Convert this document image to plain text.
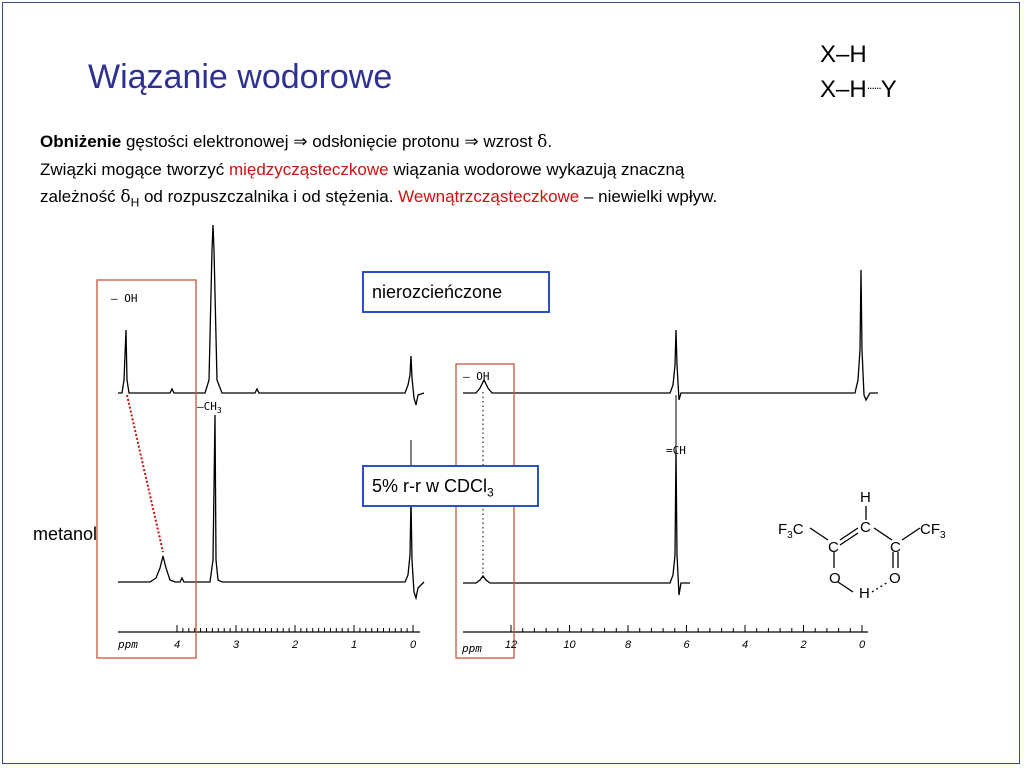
Wiązanie wodorowe
X–H
X–H......Y
Obniżenie gęstości elektronowej ⇒ odsłonięcie protonu ⇒ wzrost δ.
Związki mogące tworzyć międzycząsteczkowe wiązania wodorowe wykazują znaczną
zależność $\delta_H$ od rozpuszczalnika i od stężenia. Wewnątrzcząsteczkowe – niewielki wpływ.
– OH
$-CH_3$
– OH
=CH
ppm	ppm
4	3	2	1	0	12	10	8	6	4	2	0
$F_3C$
C
C
H
C
$CF_3$
O	O
H
nierozcieńczone
5% r-r w CDCl$_3$
metanol
